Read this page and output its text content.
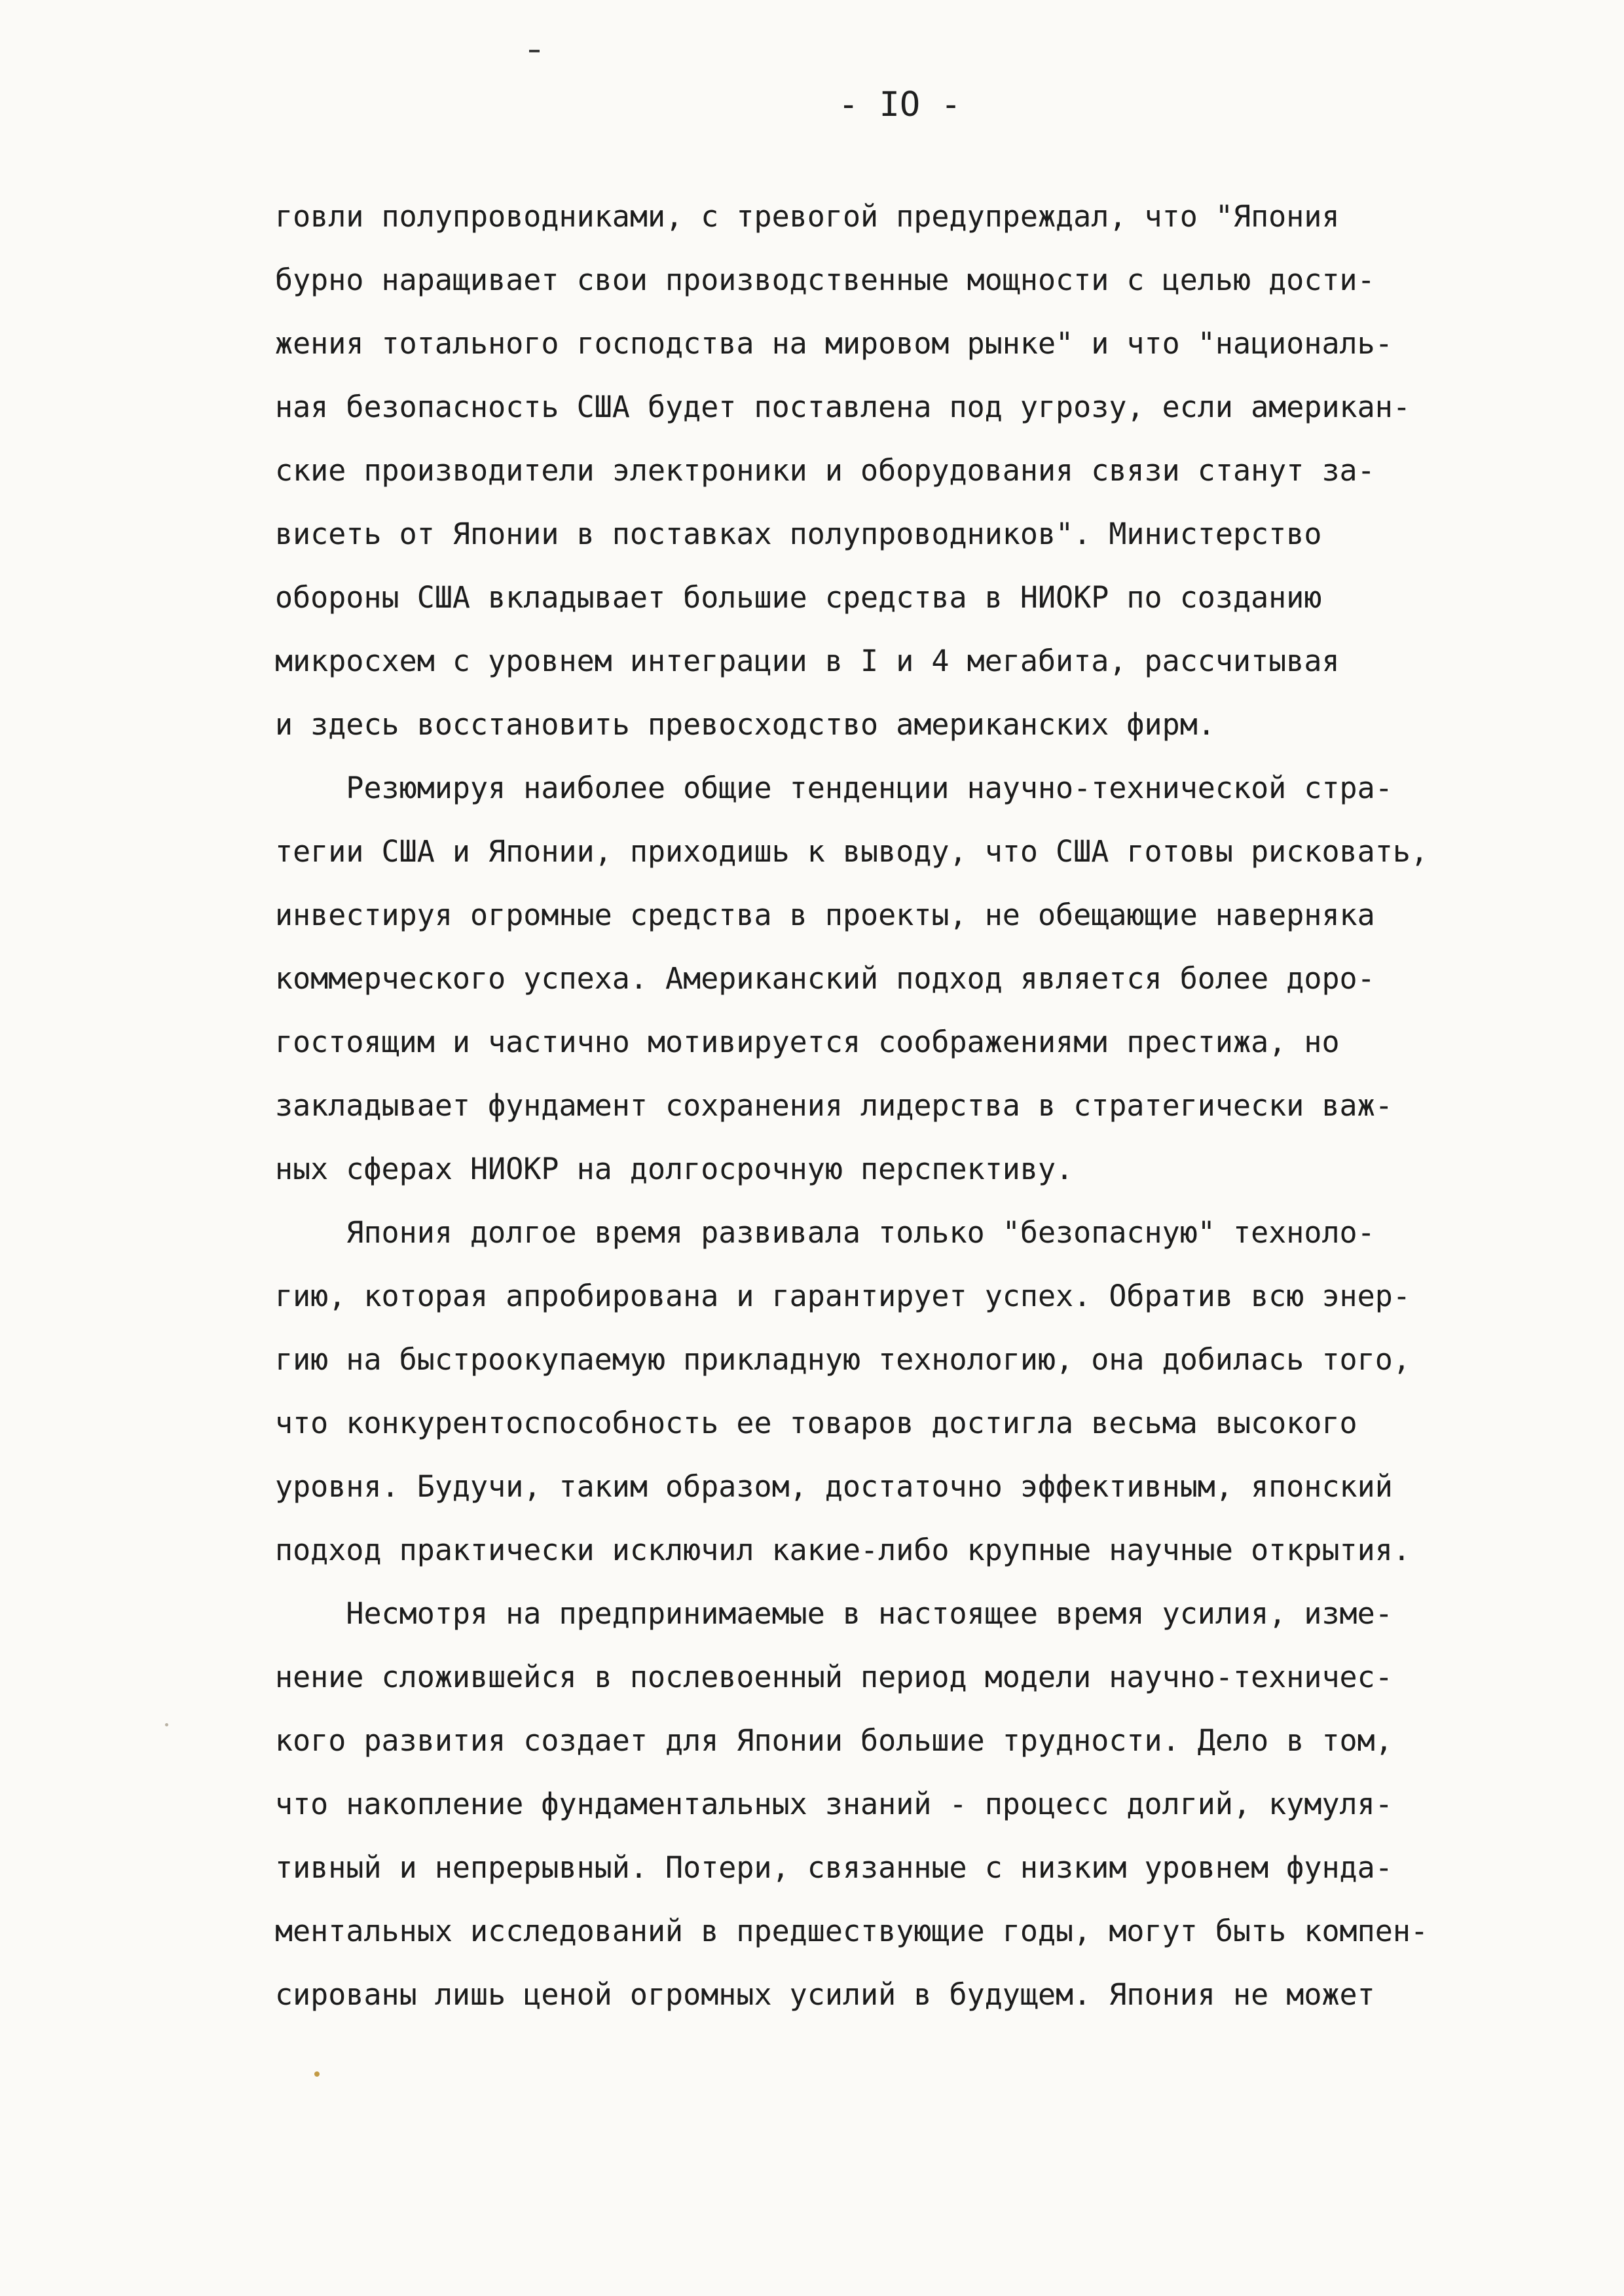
- IO -
говли полупроводниками, с тревогой предупреждал, что "Япония
бурно наращивает свои производственные мощности с целью дости-
жения тотального господства на мировом рынке" и что "националь-
ная безопасность США будет поставлена под угрозу, если американ-
ские производители электроники и оборудования связи станут за-
висеть от Японии в поставках полупроводников". Министерство
обороны США вкладывает большие средства в НИОКР по созданию
микросхем с уровнем интеграции в I и 4 мегабита, рассчитывая
и здесь восстановить превосходство американских фирм.
Резюмируя наиболее общие тенденции научно-технической стра-
тегии США и Японии, приходишь к выводу, что США готовы рисковать,
инвестируя огромные средства в проекты, не обещающие наверняка
коммерческого успеха. Американский подход является более доро-
гостоящим и частично мотивируется соображениями престижа, но
закладывает фундамент сохранения лидерства в стратегически важ-
ных сферах НИОКР на долгосрочную перспективу.
Япония долгое время развивала только "безопасную" техноло-
гию, которая апробирована и гарантирует успех. Обратив всю энер-
гию на быстроокупаемую прикладную технологию, она добилась того,
что конкурентоспособность ее товаров достигла весьма высокого
уровня. Будучи, таким образом, достаточно эффективным, японский
подход практически исключил какие-либо крупные научные открытия.
Несмотря на предпринимаемые в настоящее время усилия, изме-
нение сложившейся в послевоенный период модели научно-техничес-
кого развития создает для Японии большие трудности. Дело в том,
что накопление фундаментальных знаний - процесс долгий, кумуля-
тивный и непрерывный. Потери, связанные с низким уровнем фунда-
ментальных исследований в предшествующие годы, могут быть компен-
сированы лишь ценой огромных усилий в будущем. Япония не может
